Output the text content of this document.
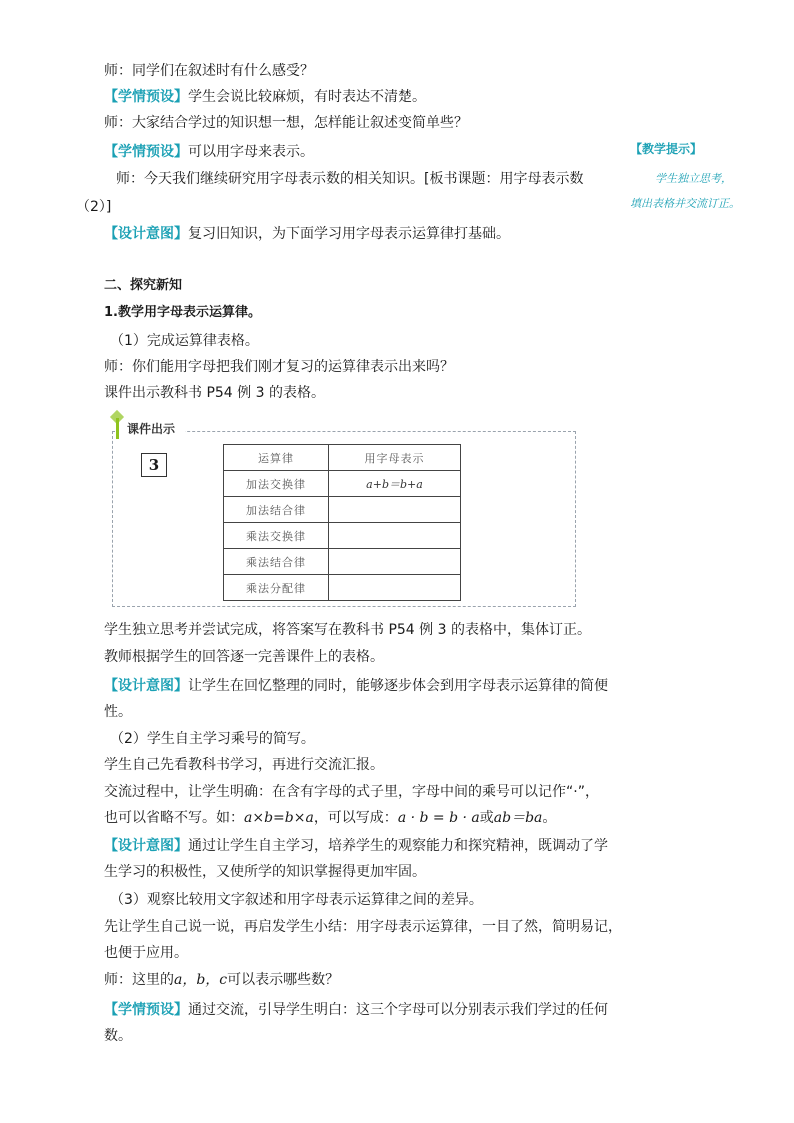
【教学提示】
学生独立思考，
填出表格并交流订正。

师：同学们在叙述时有什么感受？

【学情预设】学生会说比较麻烦，有时表达不清楚。

师：大家结合学过的知识想一想，怎样能让叙述变简单些？

【学情预设】可以用字母来表示。

师：今天我们继续研究用字母表示数的相关知识。[板书课题：用字母表示数

（2）]

【设计意图】复习旧知识，为下面学习用字母表示运算律打基础。

二、探究新知

1.教学用字母表示运算律。

（1）完成运算律表格。

师：你们能用字母把我们刚才复习的运算律表示出来吗？

课件出示教科书 P54 例 3 的表格。

课件出示
3	运算律	用字母表示
加法交换律	a+b＝b+a
加法结合律	
乘法交换律	
乘法结合律	
乘法分配律	

学生独立思考并尝试完成，将答案写在教科书 P54 例 3 的表格中，集体订正。

教师根据学生的回答逐一完善课件上的表格。

【设计意图】让学生在回忆整理的同时，能够逐步体会到用字母表示运算律的简便

性。

（2）学生自主学习乘号的简写。

学生自己先看教科书学习，再进行交流汇报。

交流过程中，让学生明确：在含有字母的式子里，字母中间的乘号可以记作“·”，

也可以省略不写。如：a×b=b×a，可以写成：a · b = b · a或ab＝ba。

【设计意图】通过让学生自主学习，培养学生的观察能力和探究精神，既调动了学

生学习的积极性，又使所学的知识掌握得更加牢固。

（3）观察比较用文字叙述和用字母表示运算律之间的差异。

先让学生自己说一说，再启发学生小结：用字母表示运算律，一目了然，简明易记，

也便于应用。

师：这里的a，b，c可以表示哪些数？

【学情预设】通过交流，引导学生明白：这三个字母可以分别表示我们学过的任何

数。
